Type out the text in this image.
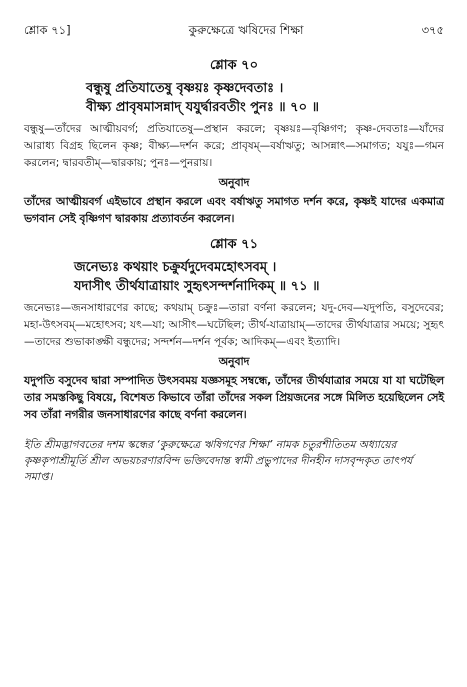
শ্লোক ৭১]	কুরুক্ষেত্রে ঋষিদের শিক্ষা	৩৭৫
শ্লোক ৭০
বন্ধুষু প্রতিযাতেষু বৃষ্ণয়ঃ কৃষ্ণদেবতাঃ ।
বীক্ষ্য প্রাবৃষমাসন্নাদ্ যযুর্দ্বারবতীং পুনঃ ॥ ৭০ ॥
বন্ধুষু—তাঁদের আত্মীয়বর্গ; প্রতিযাতেষু—প্রস্থান করলে; বৃষ্ণয়ঃ—বৃষ্ণিগণ; কৃষ্ণ-দেবতাঃ—যাঁদের আরাধ্য বিগ্রহ ছিলেন কৃষ্ণ; বীক্ষ্য—দর্শন করে; প্রাবৃষম্—বর্ষাঋতু; আসন্নাৎ—সমাগত; যযুঃ—গমন করলেন; দ্বারবতীম্—দ্বারকায়; পুনঃ—পুনরায়।
অনুবাদ
তাঁদের আত্মীয়বর্গ এইভাবে প্রস্থান করলে এবং বর্ষাঋতু সমাগত দর্শন করে, কৃষ্ণই যাদের একমাত্র ভগবান সেই বৃষ্ণিগণ দ্বারকায় প্রত্যাবর্তন করলেন।
শ্লোক ৭১
জনেভ্যঃ কথয়াং চক্রুর্যদুদেবমহোৎসবম্ ।
যদাসীৎ তীর্থযাত্রায়াং সুহৃৎসন্দর্শনাদিকম্ ॥ ৭১ ॥
জনেভ্যঃ—জনসাধারণের কাছে; কথয়াম্ চক্রুঃ—তারা বর্ণনা করলেন; যদু-দেব—যদুপতি, বসুদেবের; মহা-উৎসবম্—মহোৎসব; যৎ—যা; আসীৎ—ঘটেছিল; তীর্থ-যাত্রায়াম্—তাদের তীর্থযাত্রার সময়ে; সুহৃৎ—তাদের শুভাকাঙ্ক্ষী বন্ধুদের; সন্দর্শন—দর্শন পূর্বক; আদিকম্—এবং ইত্যাদি।
অনুবাদ
যদুপতি বসুদেব দ্বারা সম্পাদিত উৎসবময় যজ্ঞসমূহ সম্বন্ধে, তাঁদের তীর্থযাত্রার সময়ে যা যা ঘটেছিল তার সমস্তকিছু বিষয়ে, বিশেষত কিভাবে তাঁরা তাঁদের সকল প্রিয়জনের সঙ্গে মিলিত হয়েছিলেন সেই সব তাঁরা নগরীর জনসাধারণের কাছে বর্ণনা করলেন।
ইতি শ্রীমদ্ভাগবতের দশম স্কন্ধের ‘কুরুক্ষেত্রে ঋষিগণের শিক্ষা’ নামক চতুরশীতিতম অধ্যায়ের কৃষ্ণকৃপাশ্রীমূর্তি শ্রীল অভয়চরণারবিন্দ ভক্তিবেদান্ত স্বামী প্রভুপাদের দীনহীন দাসবৃন্দকৃত তাৎপর্য সমাপ্ত।
